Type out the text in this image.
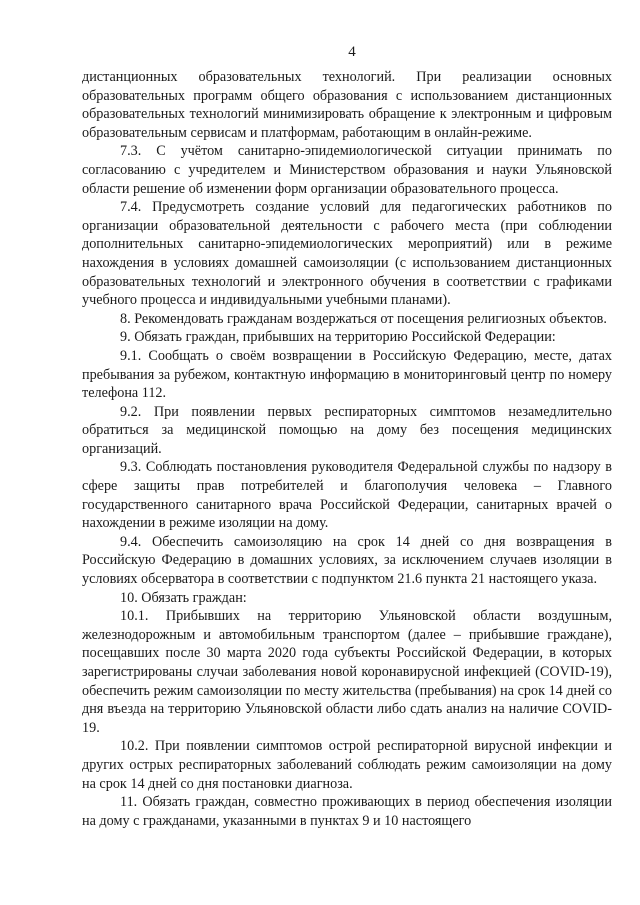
4

дистанционных образовательных технологий. При реализации основных образовательных программ общего образования с использованием дистанционных образовательных технологий минимизировать обращение к электронным и цифровым образовательным сервисам и платформам, работающим в онлайн-режиме.

7.3. С учётом санитарно-эпидемиологической ситуации принимать по согласованию с учредителем и Министерством образования и науки Ульяновской области решение об изменении форм организации образовательного процесса.

7.4. Предусмотреть создание условий для педагогических работников по организации образовательной деятельности с рабочего места (при соблюдении дополнительных санитарно-эпидемиологических мероприятий) или в режиме нахождения в условиях домашней самоизоляции (с использованием дистанционных образовательных технологий и электронного обучения в соответствии с графиками учебного процесса и индивидуальными учебными планами).

8. Рекомендовать гражданам воздержаться от посещения религиозных объектов.

9. Обязать граждан, прибывших на территорию Российской Федерации:

9.1. Сообщать о своём возвращении в Российскую Федерацию, месте, датах пребывания за рубежом, контактную информацию в мониторинговый центр по номеру телефона 112.

9.2. При появлении первых респираторных симптомов незамедлительно обратиться за медицинской помощью на дому без посещения медицинских организаций.

9.3. Соблюдать постановления руководителя Федеральной службы по надзору в сфере защиты прав потребителей и благополучия человека – Главного государственного санитарного врача Российской Федерации, санитарных врачей о нахождении в режиме изоляции на дому.

9.4. Обеспечить самоизоляцию на срок 14 дней со дня возвращения в Российскую Федерацию в домашних условиях, за исключением случаев изоляции в условиях обсерватора в соответствии с подпунктом 21.6 пункта 21 настоящего указа.

10. Обязать граждан:

10.1. Прибывших на территорию Ульяновской области воздушным, железнодорожным и автомобильным транспортом (далее – прибывшие граждане), посещавших после 30 марта 2020 года субъекты Российской Федерации, в которых зарегистрированы случаи заболевания новой коронавирусной инфекцией (COVID-19), обеспечить режим самоизоляции по месту жительства (пребывания) на срок 14 дней со дня въезда на территорию Ульяновской области либо сдать анализ на наличие COVID-19.

10.2. При появлении симптомов острой респираторной вирусной инфекции и других острых респираторных заболеваний соблюдать режим самоизоляции на дому на срок 14 дней со дня постановки диагноза.

11. Обязать граждан, совместно проживающих в период обеспечения изоляции на дому с гражданами, указанными в пунктах 9 и 10 настоящего
